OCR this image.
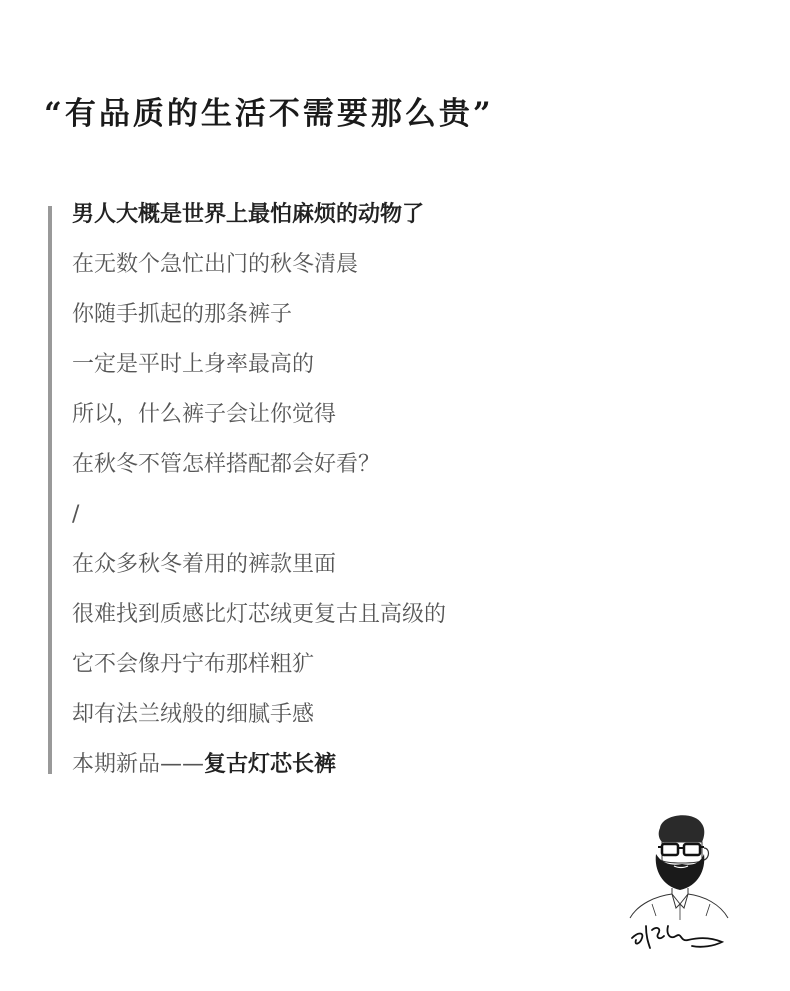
“有品质的生活不需要那么贵”
男人大概是世界上最怕麻烦的动物了
在无数个急忙出门的秋冬清晨
你随手抓起的那条裤子
一定是平时上身率最高的
所以，什么裤子会让你觉得
在秋冬不管怎样搭配都会好看？
/
在众多秋冬着用的裤款里面
很难找到质感比灯芯绒更复古且高级的
它不会像丹宁布那样粗犷
却有法兰绒般的细腻手感
本期新品——复古灯芯长裤
